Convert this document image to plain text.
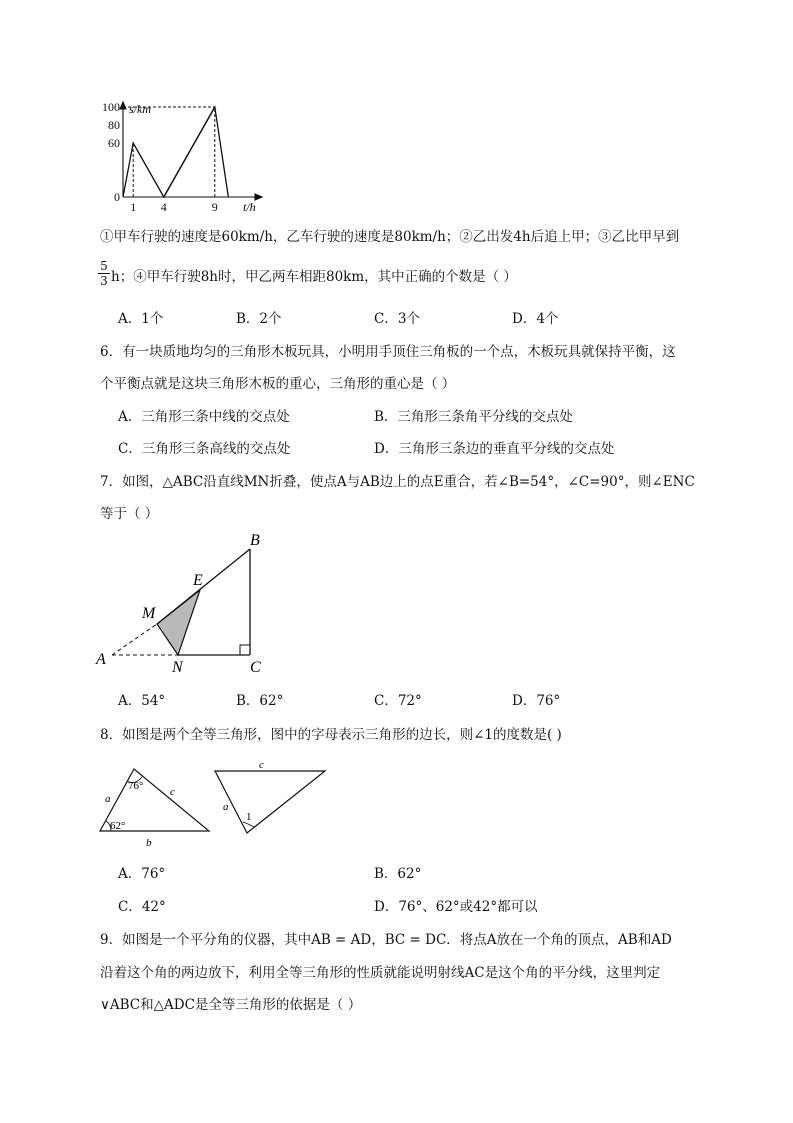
0
60
80
100
1 4	9
s/km
t/h
①甲车行驶的速度是60km/h，乙车行驶的速度是80km/h；②乙出发4h后追上甲；③乙比甲早到
$\frac{5}{3}$ h；④甲车行驶8h时，甲乙两车相距80km，其中正确的个数是（ ）
A．1个	B．2个	C．3个	D．4个
6．有一块质地均匀的三角形木板玩具，小明用手顶住三角板的一个点，木板玩具就保持平衡，这
个平衡点就是这块三角形木板的重心，三角形的重心是（ ）
A．三角形三条中线的交点处	B．三角形三条角平分线的交点处
C．三角形三条高线的交点处	D．三角形三条边的垂直平分线的交点处
7．如图，△ABC沿直线MN折叠，使点A与AB边上的点E重合，若∠B=54°，∠C=90°，则∠ENC
等于（ ）
B
E
M
A	N	C
A．54°	B．62°	C．72°	D．76°
8．如图是两个全等三角形，图中的字母表示三角形的边长，则∠1的度数是( )
76°
62°
a
c
b
c
a
1
A．76°	B．62°
C．42°	D．76°、62°或42°都可以
9．如图是一个平分角的仪器，其中AB = AD，BC = DC．将点A放在一个角的顶点，AB和AD
沿着这个角的两边放下，利用全等三角形的性质就能说明射线AC是这个角的平分线，这里判定
∨ABC和△ADC是全等三角形的依据是（ ）
